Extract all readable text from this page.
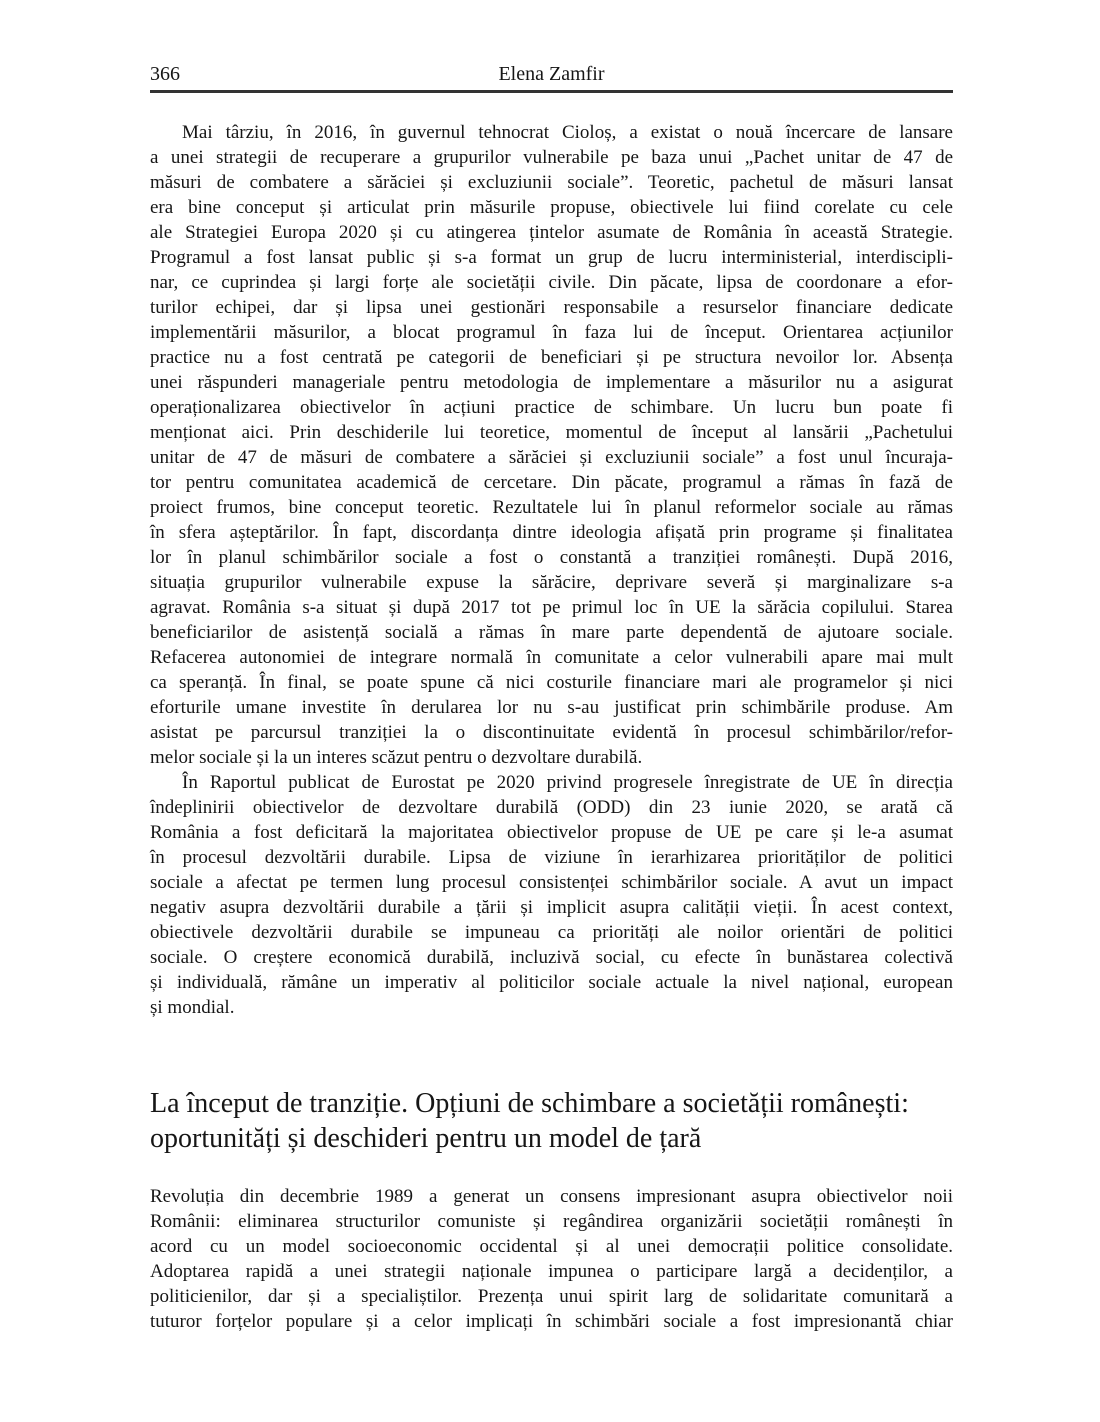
366	Elena Zamfir
Mai târziu, în 2016, în guvernul tehnocrat Cioloș, a existat o nouă încercare de lansare
a unei strategii de recuperare a grupurilor vulnerabile pe baza unui „Pachet unitar de 47 de
măsuri de combatere a sărăciei și excluziunii sociale”. Teoretic, pachetul de măsuri lansat
era bine conceput și articulat prin măsurile propuse, obiectivele lui fiind corelate cu cele
ale Strategiei Europa 2020 și cu atingerea țintelor asumate de România în această Strategie.
Programul a fost lansat public și s-a format un grup de lucru interministerial, interdiscipli-
nar, ce cuprindea și largi forțe ale societății civile. Din păcate, lipsa de coordonare a efor-
turilor echipei, dar și lipsa unei gestionări responsabile a resurselor financiare dedicate
implementării măsurilor, a blocat programul în faza lui de început. Orientarea acțiunilor
practice nu a fost centrată pe categorii de beneficiari și pe structura nevoilor lor. Absența
unei răspunderi manageriale pentru metodologia de implementare a măsurilor nu a asigurat
operaționalizarea obiectivelor în acțiuni practice de schimbare. Un lucru bun poate fi
menționat aici. Prin deschiderile lui teoretice, momentul de început al lansării „Pachetului
unitar de 47 de măsuri de combatere a sărăciei și excluziunii sociale” a fost unul încuraja-
tor pentru comunitatea academică de cercetare. Din păcate, programul a rămas în fază de
proiect frumos, bine conceput teoretic. Rezultatele lui în planul reformelor sociale au rămas
în sfera așteptărilor. În fapt, discordanța dintre ideologia afișată prin programe și finalitatea
lor în planul schimbărilor sociale a fost o constantă a tranziției românești. După 2016,
situația grupurilor vulnerabile expuse la sărăcire, deprivare severă și marginalizare s-a
agravat. România s-a situat și după 2017 tot pe primul loc în UE la sărăcia copilului. Starea
beneficiarilor de asistență socială a rămas în mare parte dependentă de ajutoare sociale.
Refacerea autonomiei de integrare normală în comunitate a celor vulnerabili apare mai mult
ca speranță. În final, se poate spune că nici costurile financiare mari ale programelor și nici
eforturile umane investite în derularea lor nu s-au justificat prin schimbările produse. Am
asistat pe parcursul tranziției la o discontinuitate evidentă în procesul schimbărilor/refor-
melor sociale și la un interes scăzut pentru o dezvoltare durabilă.
În Raportul publicat de Eurostat pe 2020 privind progresele înregistrate de UE în direcția
îndeplinirii obiectivelor de dezvoltare durabilă (ODD) din 23 iunie 2020, se arată că
România a fost deficitară la majoritatea obiectivelor propuse de UE pe care și le-a asumat
în procesul dezvoltării durabile. Lipsa de viziune în ierarhizarea priorităților de politici
sociale a afectat pe termen lung procesul consistenței schimbărilor sociale. A avut un impact
negativ asupra dezvoltării durabile a țării și implicit asupra calității vieții. În acest context,
obiectivele dezvoltării durabile se impuneau ca priorități ale noilor orientări de politici
sociale. O creștere economică durabilă, incluzivă social, cu efecte în bunăstarea colectivă
și individuală, rămâne un imperativ al politicilor sociale actuale la nivel național, european
și mondial.
La început de tranziție. Opțiuni de schimbare a societății românești:
oportunități și deschideri pentru un model de țară
Revoluția din decembrie 1989 a generat un consens impresionant asupra obiectivelor noii
Românii: eliminarea structurilor comuniste și regândirea organizării societății românești în
acord cu un model socioeconomic occidental și al unei democrații politice consolidate.
Adoptarea rapidă a unei strategii naționale impunea o participare largă a decidenților, a
politicienilor, dar și a specialiștilor. Prezența unui spirit larg de solidaritate comunitară a
tuturor forțelor populare și a celor implicați în schimbări sociale a fost impresionantă chiar
